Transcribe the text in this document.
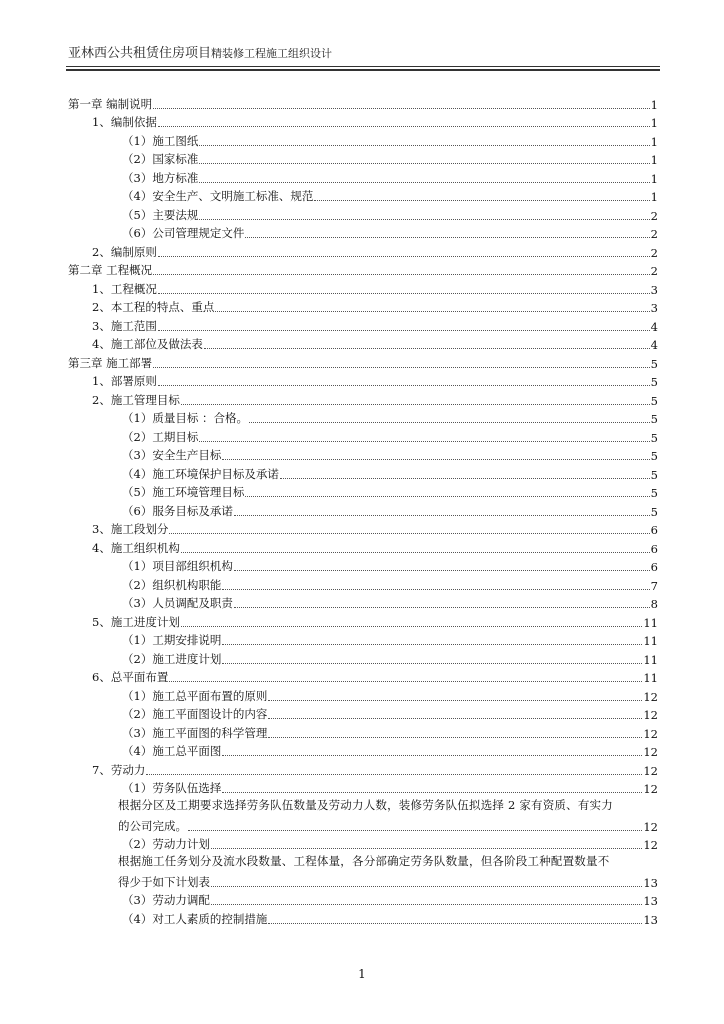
亚林西公共租赁住房项目精装修工程施工组织设计
第一章 编制说明	1
1、编制依据	1
（1）施工图纸	1
（2）国家标准	1
（3）地方标准	1
（4）安全生产、文明施工标准、规范	1
（5）主要法规	2
（6）公司管理规定文件	2
2、编制原则	2
第二章 工程概况	2
1、工程概况	3
2、本工程的特点、重点	3
3、施工范围	4
4、施工部位及做法表	4
第三章 施工部署	5
1、部署原则	5
2、施工管理目标	5
（1）质量目标 ：合格。	5
（2）工期目标	5
（3）安全生产目标	5
（4）施工环境保护目标及承诺	5
（5）施工环境管理目标	5
（6）服务目标及承诺	5
3、施工段划分	6
4、施工组织机构	6
（1）项目部组织机构	6
（2）组织机构职能	7
（3）人员调配及职责	8
5、施工进度计划	11
（1）工期安排说明	11
（2）施工进度计划	11
6、总平面布置	11
（1）施工总平面布置的原则	12
（2）施工平面图设计的内容	12
（3）施工平面图的科学管理	12
（4）施工总平面图	12
7、劳动力	12
（1）劳务队伍选择	12
根据分区及工期要求选择劳务队伍数量及劳动力人数，装修劳务队伍拟选择 2 家有资质、有实力
的公司完成。	12
（2）劳动力计划	12
根据施工任务划分及流水段数量、工程体量，各分部确定劳务队数量，但各阶段工种配置数量不
得少于如下计划表	13
（3）劳动力调配	13
（4）对工人素质的控制措施	13
1
